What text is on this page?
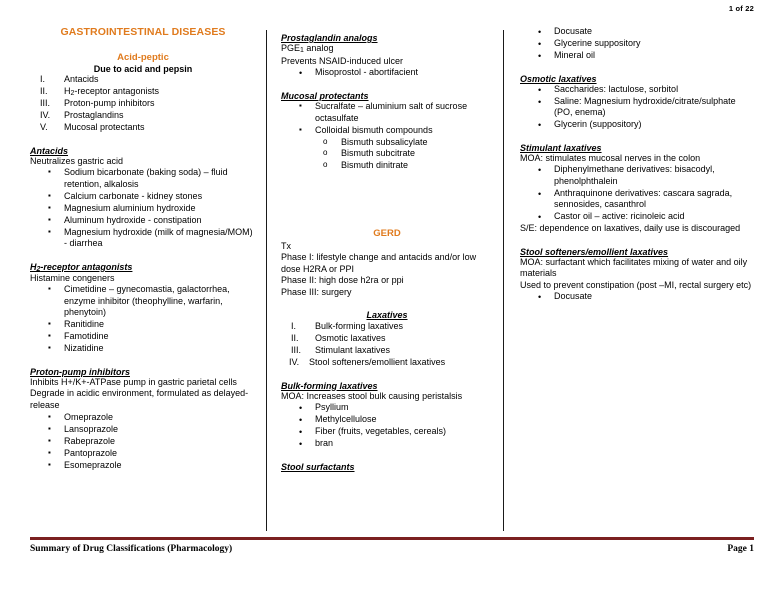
1 of 22
GASTROINTESTINAL DISEASES
Acid-peptic
Due to acid and pepsin
I.	Antacids
II.	$H_2$-receptor antagonists
III.	Proton-pump inhibitors
IV.	Prostaglandins
V.	Mucosal protectants
Antacids
Neutralizes gastric acid
▪ Sodium bicarbonate (baking soda) – fluid retention, alkalosis
▪ Calcium carbonate - kidney stones
▪ Magnesium aluminium hydroxide
▪ Aluminum hydroxide - constipation
▪ Magnesium hydroxide (milk of magnesia/MOM) - diarrhea
$H_2$-receptor antagonists
Histamine congeners
▪ Cimetidine – gynecomastia, galactorrhea, enzyme inhibitor (theophylline, warfarin, phenytoin)
▪ Ranitidine
▪ Famotidine
▪ Nizatidine
Proton-pump inhibitors
Inhibits H+/K+-ATPase pump in gastric parietal cells
Degrade in acidic environment, formulated as delayed-release
▪ Omeprazole
▪ Lansoprazole
▪ Rabeprazole
▪ Pantoprazole
▪ Esomeprazole
Prostaglandin analogs
$PGE_1$ analog
Prevents NSAID-induced ulcer
• Misoprostol - abortifacient
Mucosal protectants
▪ Sucralfate – aluminium salt of sucrose octasulfate
▪ Colloidal bismuth compounds
o Bismuth subsalicylate
o Bismuth subcitrate
o Bismuth dinitrate
GERD
Tx
Phase I: lifestyle change and antacids and/or low dose H2RA or PPI
Phase II: high dose h2ra or ppi
Phase III: surgery
Laxatives
I.	Bulk-forming laxatives
II.	Osmotic laxatives
III.	Stimulant laxatives
IV.	Stool softeners/emollient laxatives
Bulk-forming laxatives
MOA: Increases stool bulk causing peristalsis
• Psyllium
• Methylcellulose
• Fiber (fruits, vegetables, cereals)
• bran
Stool surfactants
• Docusate
• Glycerine suppository
• Mineral oil
Osmotic laxatives
• Saccharides: lactulose, sorbitol
• Saline: Magnesium hydroxide/citrate/sulphate (PO, enema)
• Glycerin (suppository)
Stimulant laxatives
MOA: stimulates mucosal nerves in the colon
• Diphenylmethane derivatives: bisacodyl, phenolphthalein
• Anthraquinone derivatives: cascara sagrada, sennosides, casanthrol
• Castor oil – active: ricinoleic acid
S/E: dependence on laxatives, daily use is discouraged
Stool softeners/emollient laxatives
MOA: surfactant which facilitates mixing of water and oily materials
Used to prevent constipation (post –MI, rectal surgery etc)
• Docusate
Summary of Drug Classifications (Pharmacology)	Page 1
